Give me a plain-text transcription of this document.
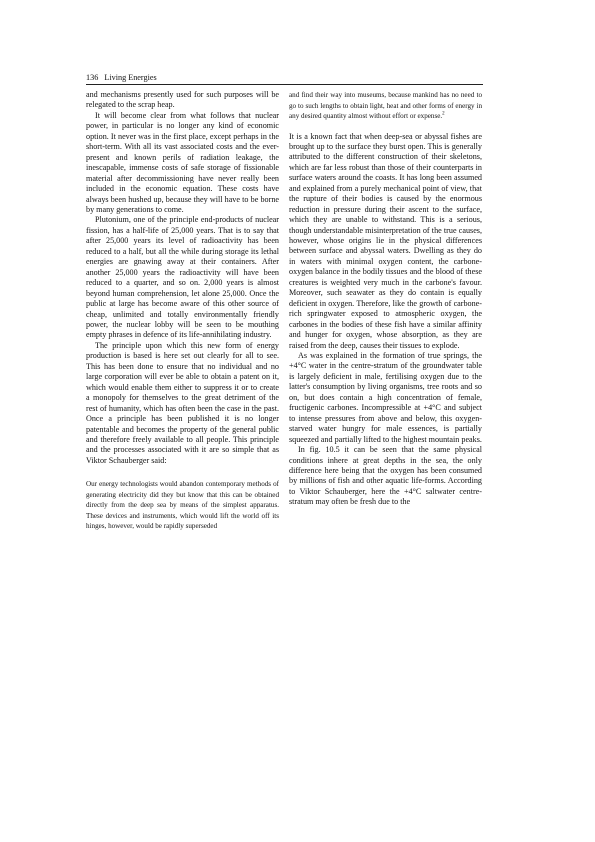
136 Living Energies

and mechanisms presently used for such purposes will be relegated to the scrap heap.

It will become clear from what follows that nuclear power, in particular is no longer any kind of economic option. It never was in the first place, except perhaps in the short-term. With all its vast associated costs and the ever-present and known perils of radiation leakage, the inescapable, immense costs of safe storage of fissionable material after decommissioning have never really been included in the economic equation. These costs have always been hushed up, because they will have to be borne by many generations to come.

Plutonium, one of the principle end-products of nuclear fission, has a half-life of 25,000 years. That is to say that after 25,000 years its level of radioactivity has been reduced to a half, but all the while during storage its lethal energies are gnawing away at their containers. After another 25,000 years the radioactivity will have been reduced to a quarter, and so on. 2,000 years is almost beyond human comprehension, let alone 25,000. Once the public at large has become aware of this other source of cheap, unlimited and totally environmentally friendly power, the nuclear lobby will be seen to be mouthing empty phrases in defence of its life-annihilating industry.

The principle upon which this new form of energy production is based is here set out clearly for all to see. This has been done to ensure that no individual and no large corporation will ever be able to obtain a patent on it, which would enable them either to suppress it or to create a monopoly for themselves to the great detriment of the rest of humanity, which has often been the case in the past. Once a principle has been published it is no longer patentable and becomes the property of the general public and therefore freely available to all people. This principle and the processes associated with it are so simple that as Viktor Schauberger said:

Our energy technologists would abandon contemporary methods of generating electricity did they but know that this can be obtained directly from the deep sea by means of the simplest apparatus. These devices and instruments, which would lift the world off its hinges, however, would be rapidly superseded

and find their way into museums, because mankind has no need to go to such lengths to obtain light, heat and other forms of energy in any desired quantity almost without effort or expense.$^2$

It is a known fact that when deep-sea or abyssal fishes are brought up to the surface they burst open. This is generally attributed to the different construction of their skeletons, which are far less robust than those of their counterparts in surface waters around the coasts. It has long been assumed and explained from a purely mechanical point of view, that the rupture of their bodies is caused by the enormous reduction in pressure during their ascent to the surface, which they are unable to withstand. This is a serious, though understandable misinterpretation of the true causes, however, whose origins lie in the physical differences between surface and abyssal waters. Dwelling as they do in waters with minimal oxygen content, the carbone-oxygen balance in the bodily tissues and the blood of these creatures is weighted very much in the carbone's favour. Moreover, such seawater as they do contain is equally deficient in oxygen. Therefore, like the growth of carbone-rich springwater exposed to atmospheric oxygen, the carbones in the bodies of these fish have a similar affinity and hunger for oxygen, whose absorption, as they are raised from the deep, causes their tissues to explode.

As was explained in the formation of true springs, the +4°C water in the centre-stratum of the groundwater table is largely deficient in male, fertilising oxygen due to the latter's consumption by living organisms, tree roots and so on, but does contain a high concentration of female, fructigenic carbones. Incompressible at +4°C and subject to intense pressures from above and below, this oxygen-starved water hungry for male essences, is partially squeezed and partially lifted to the highest mountain peaks.

In fig. 10.5 it can be seen that the same physical conditions inhere at great depths in the sea, the only difference here being that the oxygen has been consumed by millions of fish and other aquatic life-forms. According to Viktor Schauberger, here the +4°C saltwater centre-stratum may often be fresh due to the
